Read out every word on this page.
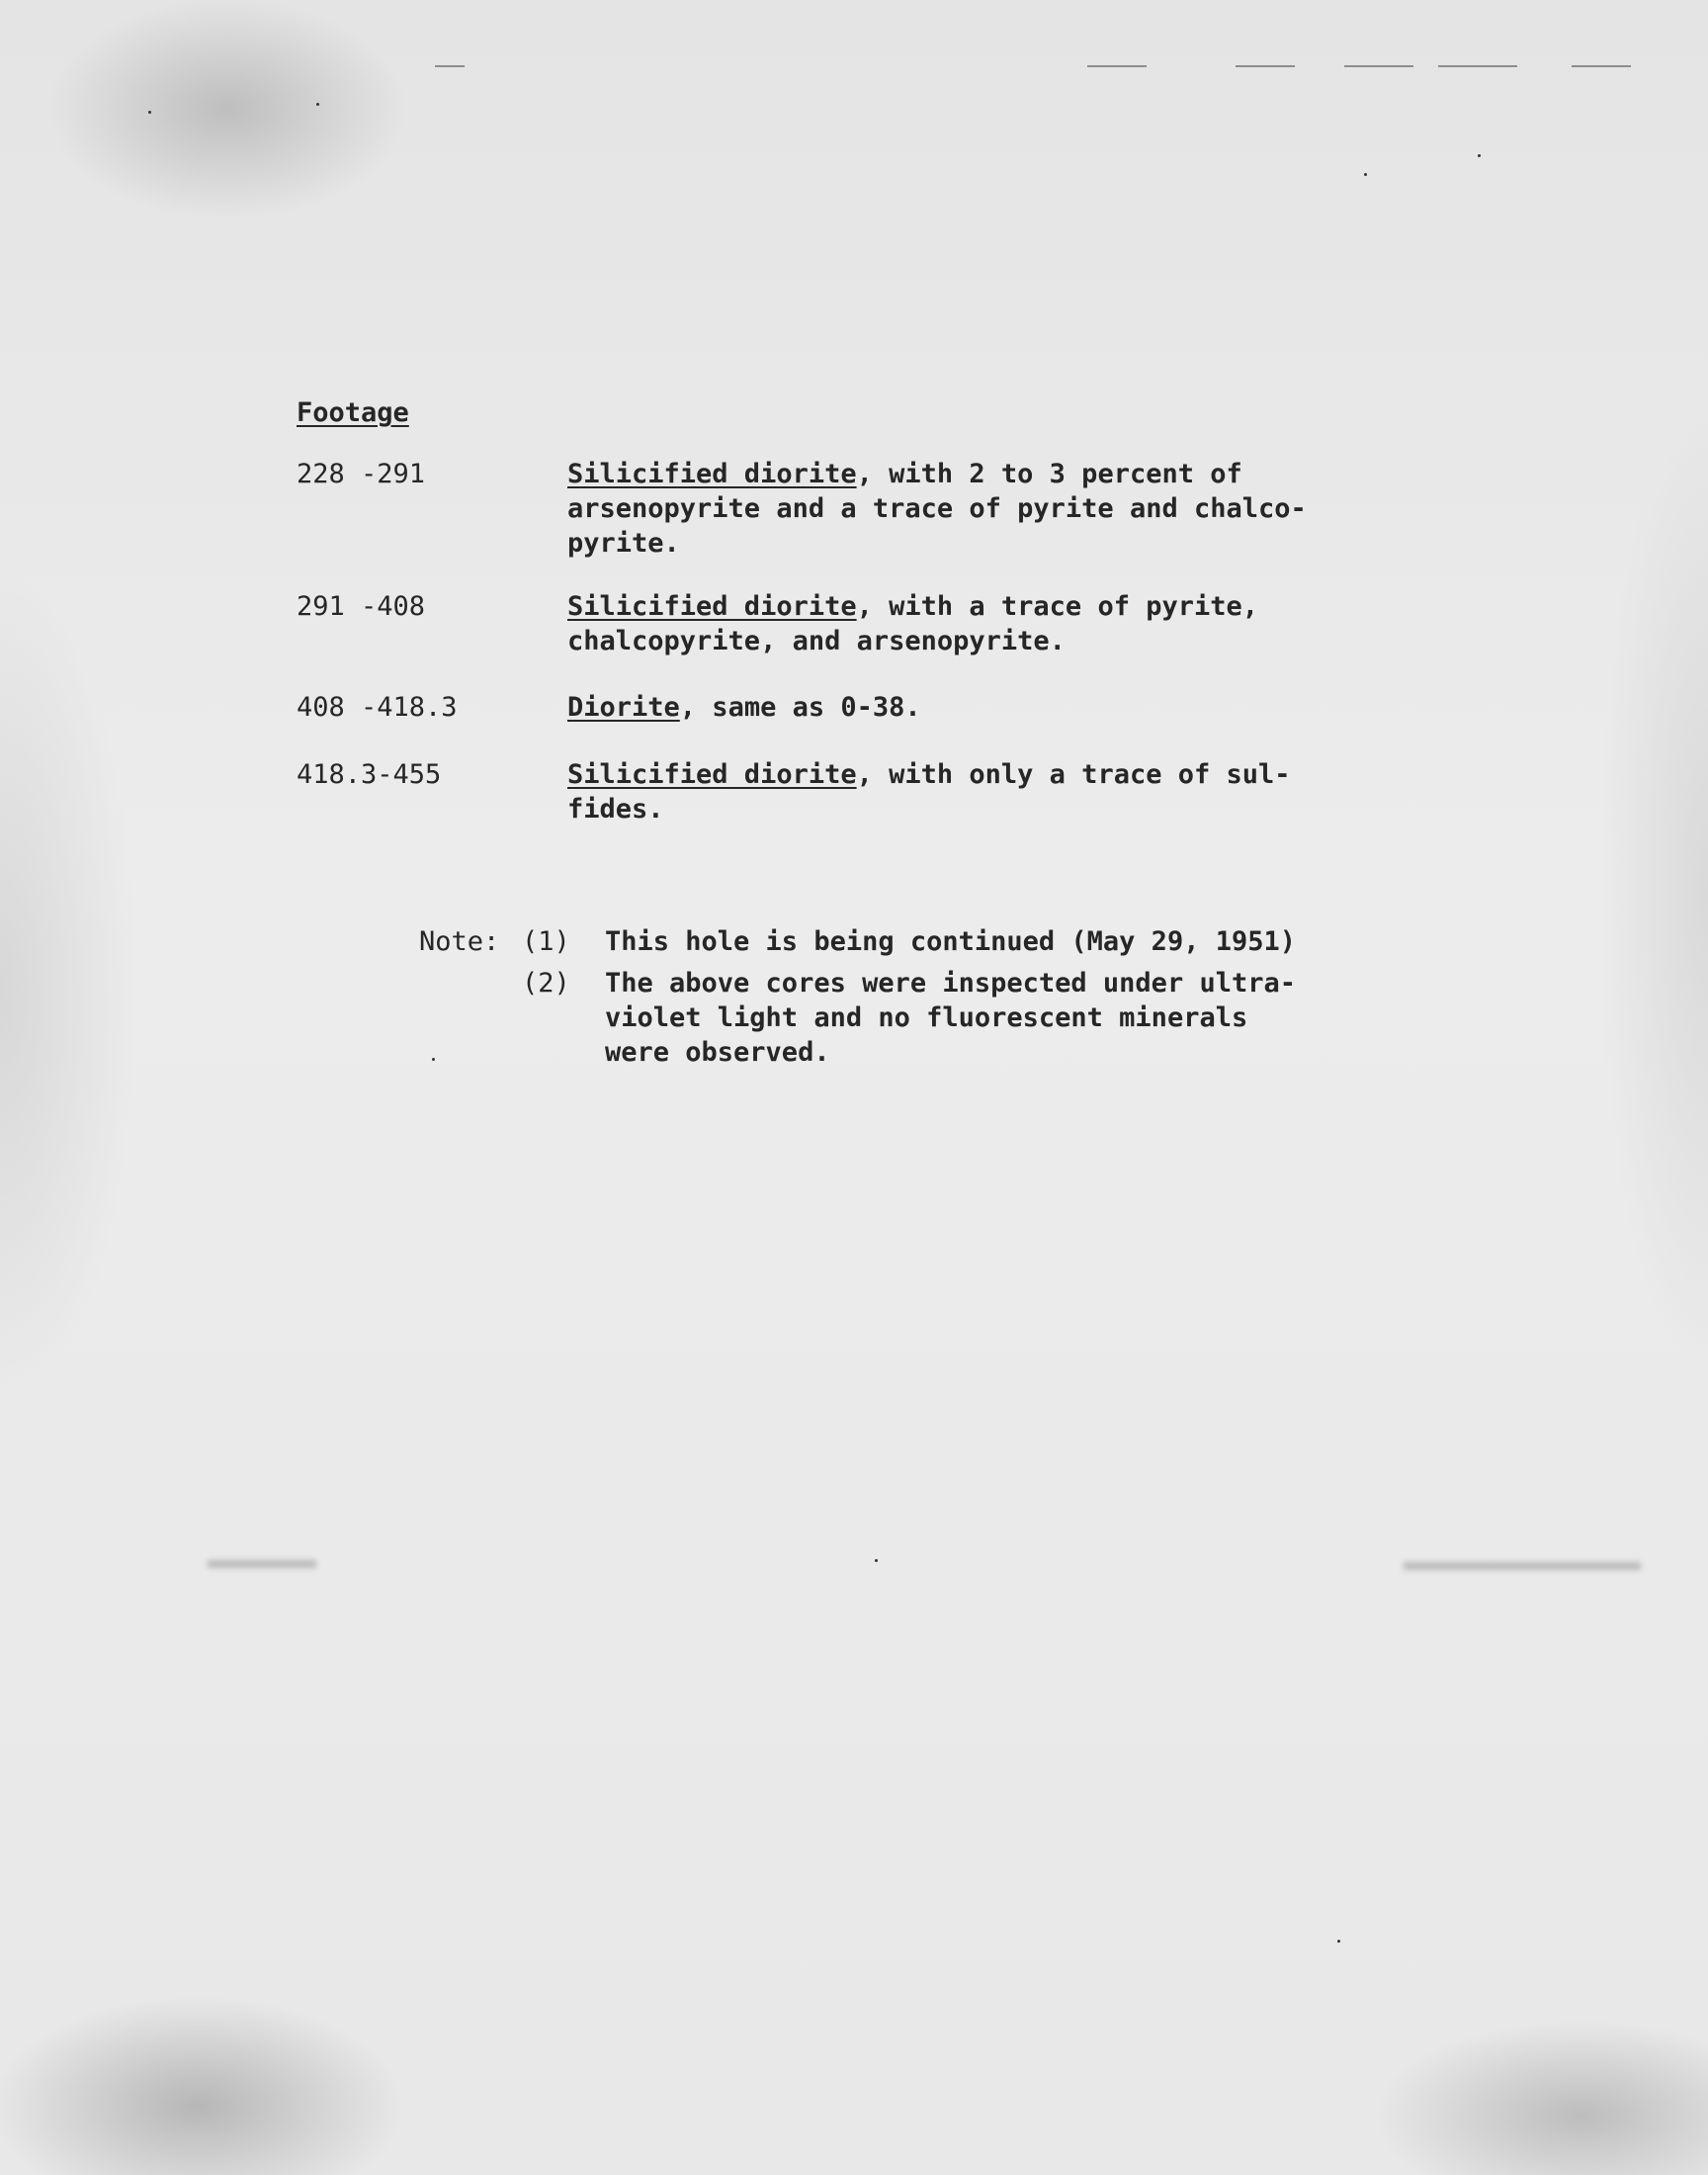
Footage
228 -291	Silicified diorite, with 2 to 3 percent of
arsenopyrite and a trace of pyrite and chalco-
pyrite.
291 -408	Silicified diorite, with a trace of pyrite,
chalcopyrite, and arsenopyrite.
408 -418.3	Diorite, same as 0-38.
418.3-455	Silicified diorite, with only a trace of sul-
fides.
Note: (1) This hole is being continued (May 29, 1951)
(2) The above cores were inspected under ultra-
violet light and no fluorescent minerals
were observed.
